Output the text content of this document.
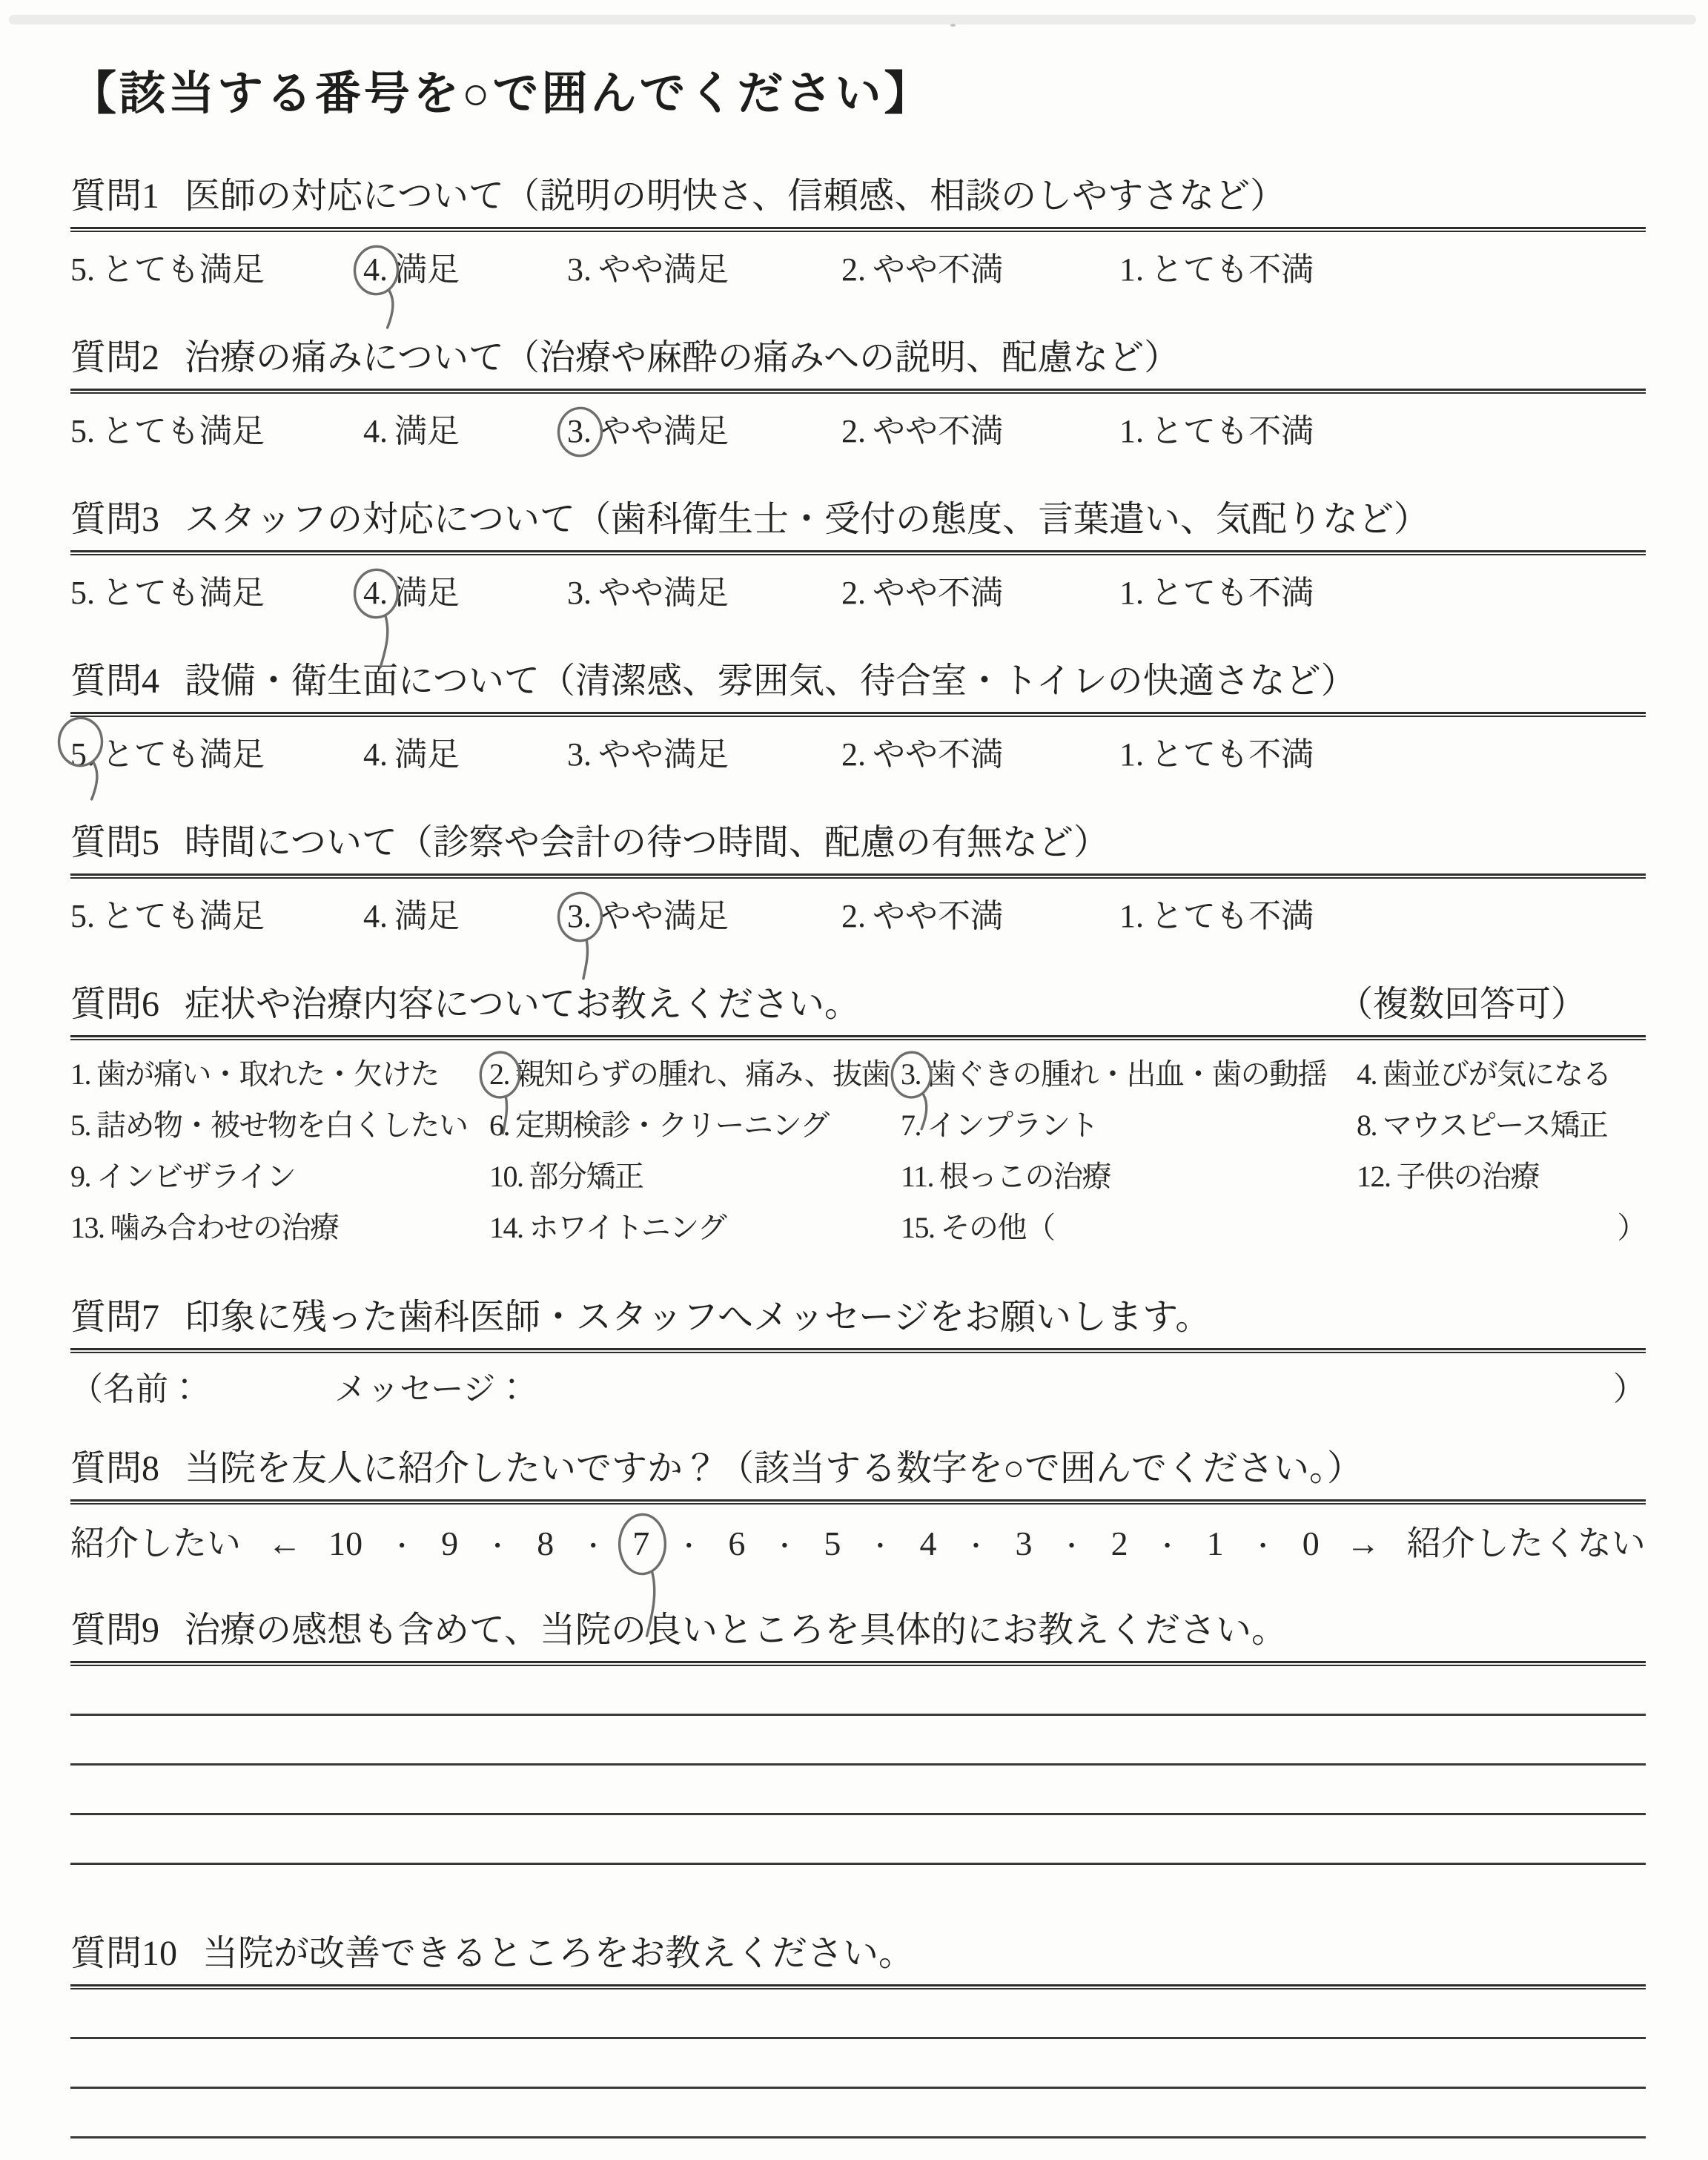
【該当する番号を○で囲んでください】
質問1 医師の対応について（説明の明快さ、信頼感、相談のしやすさなど）
5. とても満足	4. 満足	3. やや満足	2. やや不満	1. とても不満
質問2 治療の痛みについて（治療や麻酔の痛みへの説明、配慮など）
5. とても満足	4. 満足	3. やや満足	2. やや不満	1. とても不満
質問3 スタッフの対応について（歯科衛生士・受付の態度、言葉遣い、気配りなど）
5. とても満足	4. 満足	3. やや満足	2. やや不満	1. とても不満
質問4 設備・衛生面について（清潔感、雰囲気、待合室・トイレの快適さなど）
5. とても満足	4. 満足	3. やや満足	2. やや不満	1. とても不満
質問5 時間について（診察や会計の待つ時間、配慮の有無など）
5. とても満足	4. 満足	3. やや満足	2. やや不満	1. とても不満
質問6 症状や治療内容についてお教えください。	（複数回答可）
1. 歯が痛い・取れた・欠けた	2. 親知らずの腫れ、痛み、抜歯 3. 歯ぐきの腫れ・出血・歯の動揺	4. 歯並びが気になる
5. 詰め物・被せ物を白くしたい 6. 定期検診・クリーニング	7. インプラント	8. マウスピース矯正
9. インビザライン	10. 部分矯正	11. 根っこの治療	12. 子供の治療
13. 噛み合わせの治療	14. ホワイトニング	15. その他（	）
質問7 印象に残った歯科医師・スタッフへメッセージをお願いします。
（名前：	メッセージ：	）
質問8 当院を友人に紹介したいですか？（該当する数字を○で囲んでください。）
紹介したい ← 10 ・ 9 ・ 8 ・ 7 ・ 6 ・ 5 ・ 4 ・ 3 ・ 2 ・ 1 ・ 0 → 紹介したくない
質問9 治療の感想も含めて、当院の良いところを具体的にお教えください。
質問10 当院が改善できるところをお教えください。
